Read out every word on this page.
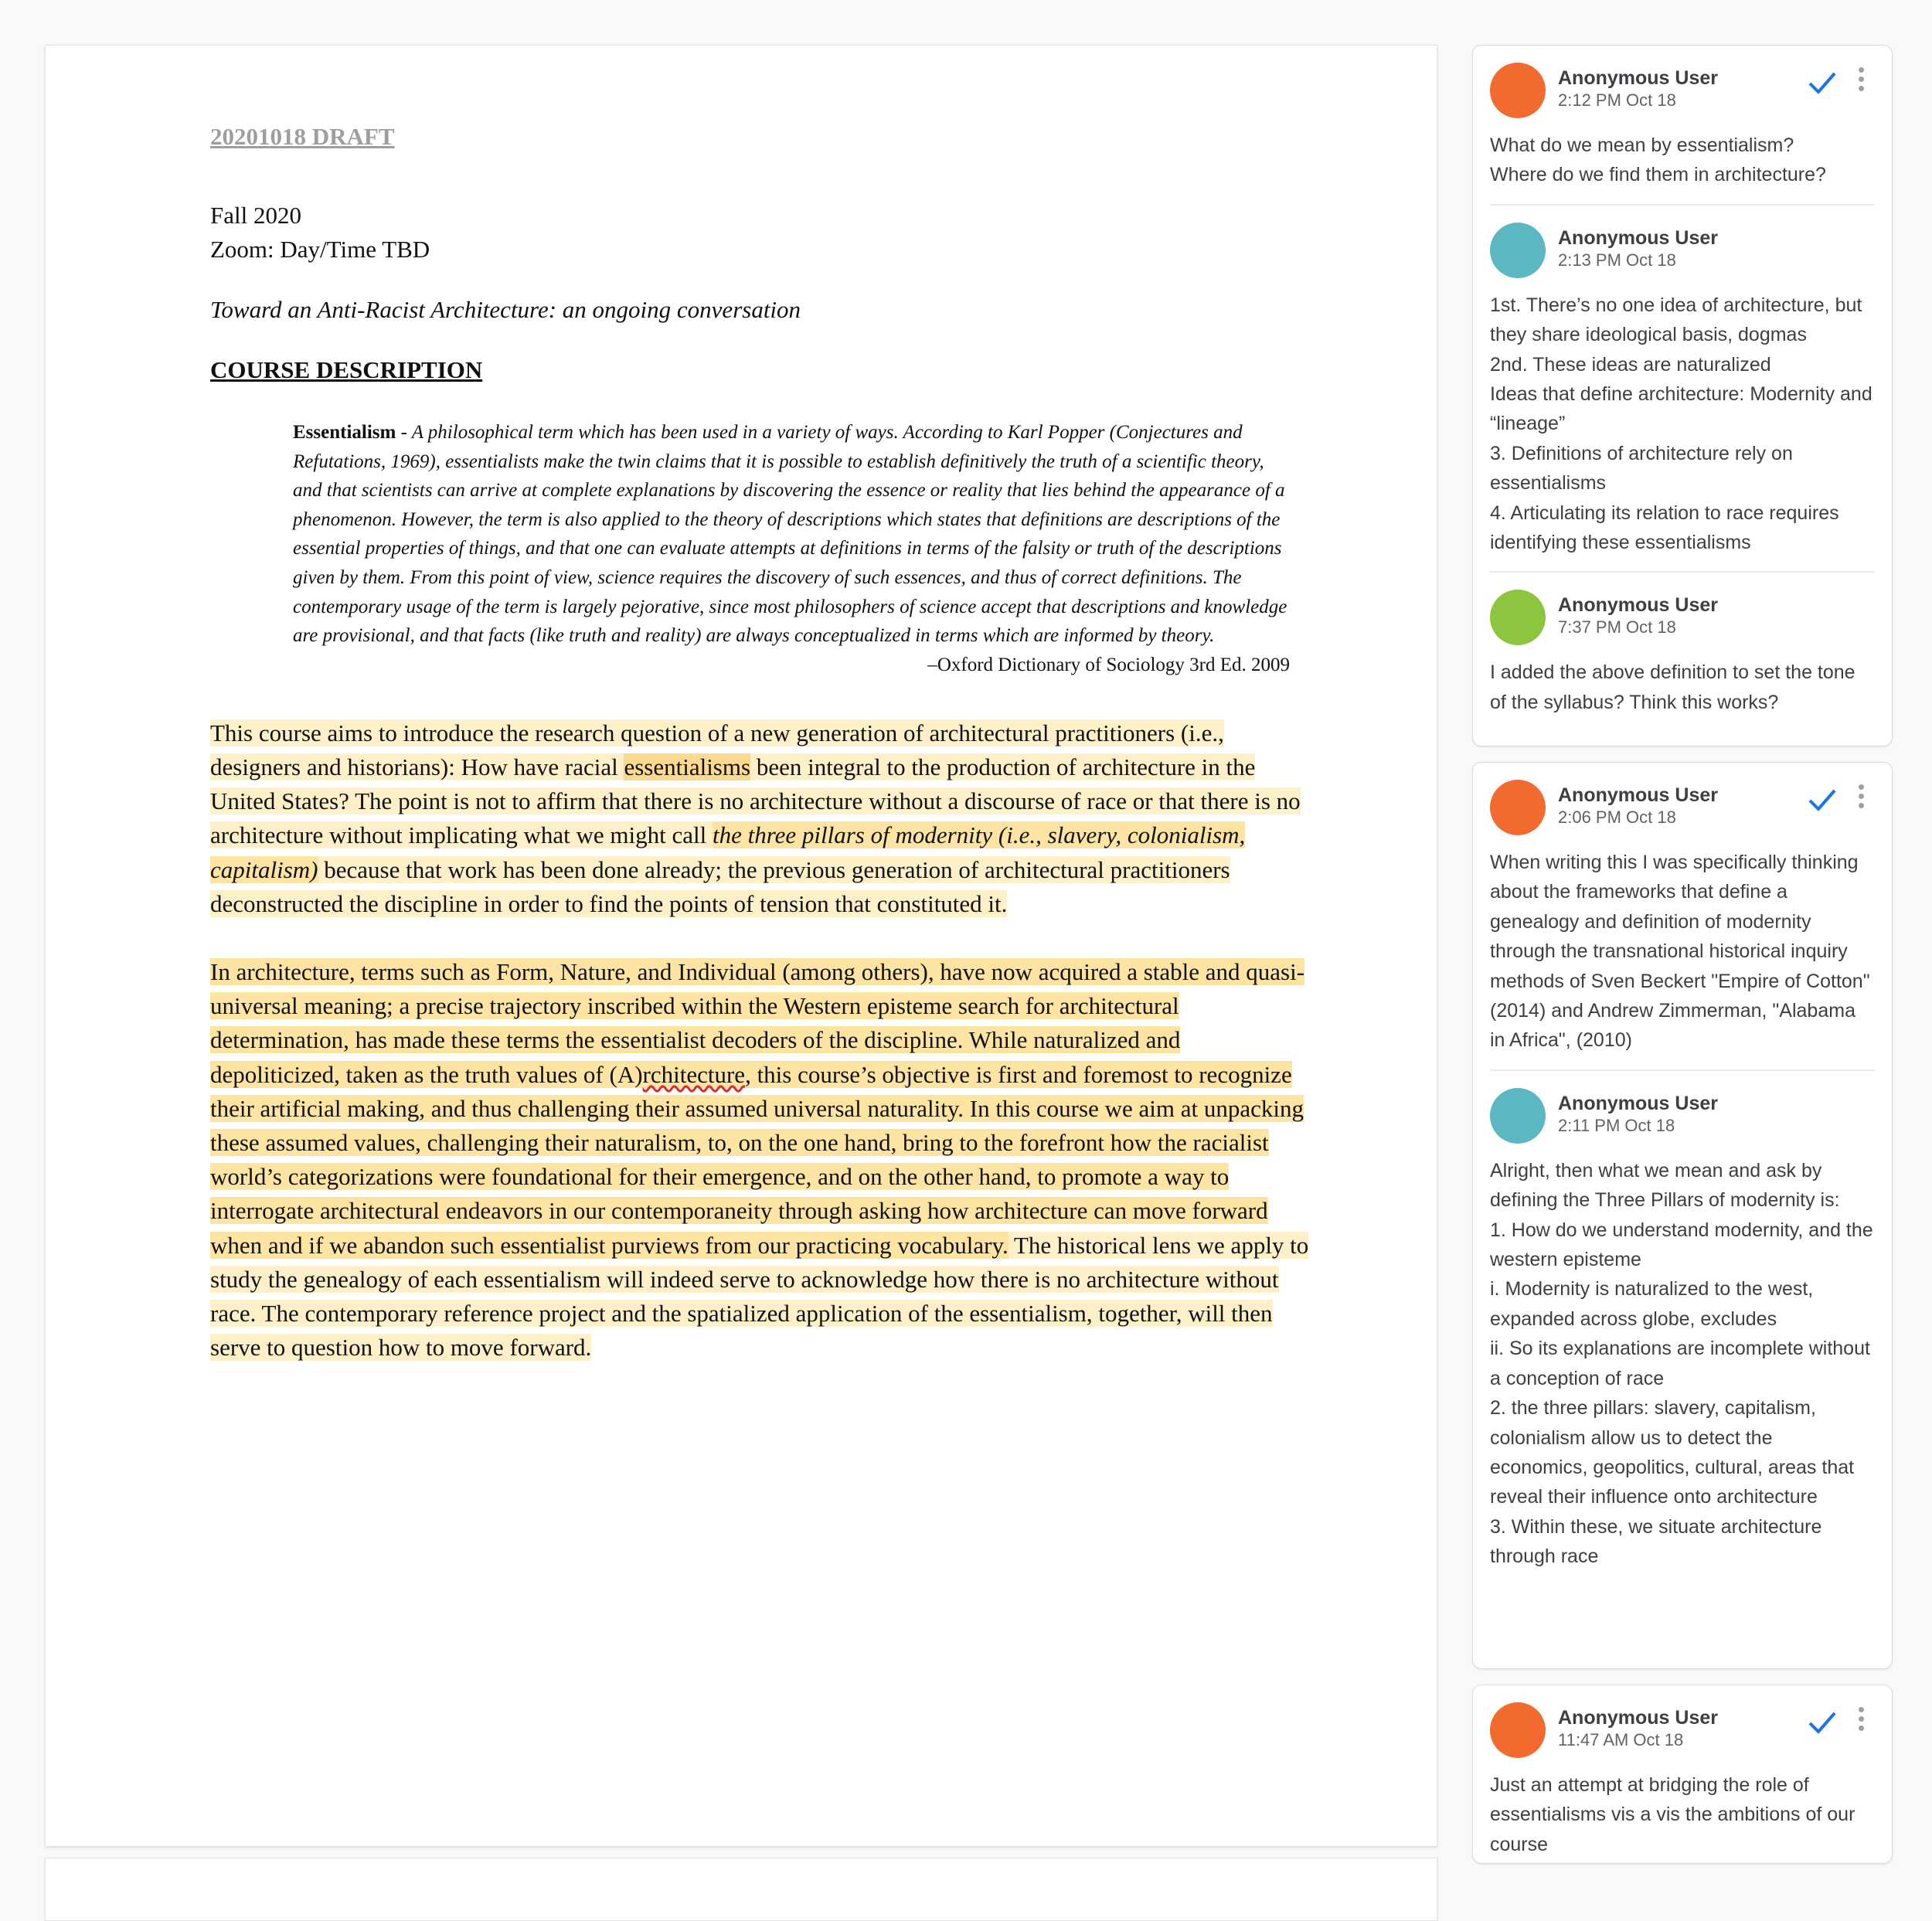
20201018 DRAFT

Fall 2020

Zoom: Day/Time TBD

Toward an Anti-Racist Architecture: an ongoing conversation

COURSE DESCRIPTION

Essentialism - A philosophical term which has been used in a variety of ways. According to Karl Popper (Conjectures and Refutations, 1969), essentialists make the twin claims that it is possible to establish definitively the truth of a scientific theory, and that scientists can arrive at complete explanations by discovering the essence or reality that lies behind the appearance of a phenomenon. However, the term is also applied to the theory of descriptions which states that definitions are descriptions of the essential properties of things, and that one can evaluate attempts at definitions in terms of the falsity or truth of the descriptions given by them. From this point of view, science requires the discovery of such essences, and thus of correct definitions. The contemporary usage of the term is largely pejorative, since most philosophers of science accept that descriptions and knowledge are provisional, and that facts (like truth and reality) are always conceptualized in terms which are informed by theory.
–Oxford Dictionary of Sociology 3rd Ed. 2009

This course aims to introduce the research question of a new generation of architectural practitioners (i.e., designers and historians): How have racial essentialisms been integral to the production of architecture in the United States? The point is not to affirm that there is no architecture without a discourse of race or that there is no architecture without implicating what we might call the three pillars of modernity (i.e., slavery, colonialism, capitalism) because that work has been done already; the previous generation of architectural practitioners deconstructed the discipline in order to find the points of tension that constituted it.

In architecture, terms such as Form, Nature, and Individual (among others), have now acquired a stable and quasi-universal meaning; a precise trajectory inscribed within the Western episteme search for architectural determination, has made these terms the essentialist decoders of the discipline. While naturalized and depoliticized, taken as the truth values of (A)rchitecture, this course’s objective is first and foremost to recognize their artificial making, and thus challenging their assumed universal naturality. In this course we aim at unpacking these assumed values, challenging their naturalism, to, on the one hand, bring to the forefront how the racialist world’s categorizations were foundational for their emergence, and on the other hand, to promote a way to interrogate architectural endeavors in our contemporaneity through asking how architecture can move forward when and if we abandon such essentialist purviews from our practicing vocabulary. The historical lens we apply to study the genealogy of each essentialism will indeed serve to acknowledge how there is no architecture without race. The contemporary reference project and the spatialized application of the essentialism, together, will then serve to question how to move forward.

Anonymous User
2:12 PM Oct 18
What do we mean by essentialism?
Where do we find them in architecture?
Anonymous User
2:13 PM Oct 18
1st. There’s no one idea of architecture, but they share ideological basis, dogmas
2nd. These ideas are naturalized
Ideas that define architecture: Modernity and “lineage”
3. Definitions of architecture rely on essentialisms
4. Articulating its relation to race requires identifying these essentialisms
Anonymous User
7:37 PM Oct 18
I added the above definition to set the tone of the syllabus? Think this works?
Anonymous User
2:06 PM Oct 18
When writing this I was specifically thinking about the frameworks that define a genealogy and definition of modernity through the transnational historical inquiry methods of Sven Beckert "Empire of Cotton" (2014) and Andrew Zimmerman, "Alabama in Africa", (2010)
Anonymous User
2:11 PM Oct 18
Alright, then what we mean and ask by defining the Three Pillars of modernity is:
1. How do we understand modernity, and the western episteme
i. Modernity is naturalized to the west, expanded across globe, excludes
ii. So its explanations are incomplete without a conception of race
2. the three pillars: slavery, capitalism, colonialism allow us to detect the economics, geopolitics, cultural, areas that reveal their influence onto architecture
3. Within these, we situate architecture through race
Anonymous User
11:47 AM Oct 18
Just an attempt at bridging the role of essentialisms vis a vis the ambitions of our course
